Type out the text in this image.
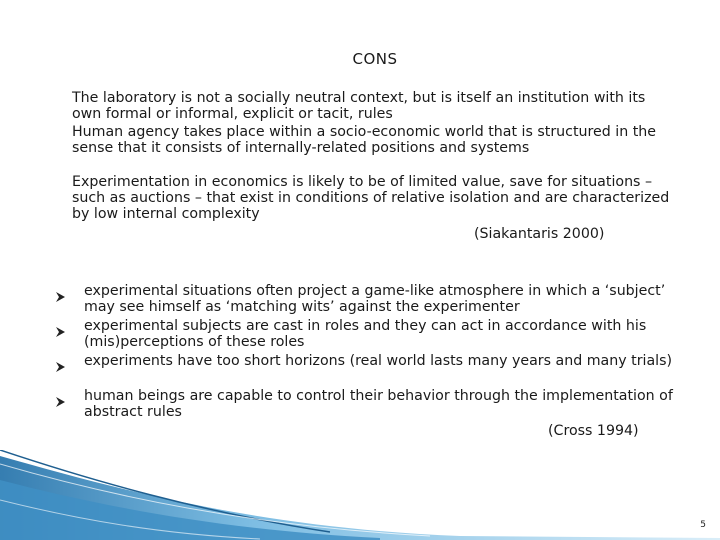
CONS

The laboratory is not a socially neutral context, but is itself an institution with its own formal or informal, explicit or tacit, rules

Human agency takes place within a socio-economic world that is structured in the sense that it consists of internally-related positions and systems

Experimentation in economics is likely to be of limited value, save for situations – such as auctions – that exist in conditions of relative isolation and are characterized by low internal complexity

(Siakantaris 2000)
experimental situations often project a game-like atmosphere in which a ‘subject’ may see himself as ‘matching wits’ against the experimenter
experimental subjects are cast in roles and they can act in accordance with his (mis)perceptions of these roles
experiments have too short horizons (real world lasts many years and many trials)
human beings are capable to control their behavior through the implementation of abstract rules
(Cross 1994)
5
